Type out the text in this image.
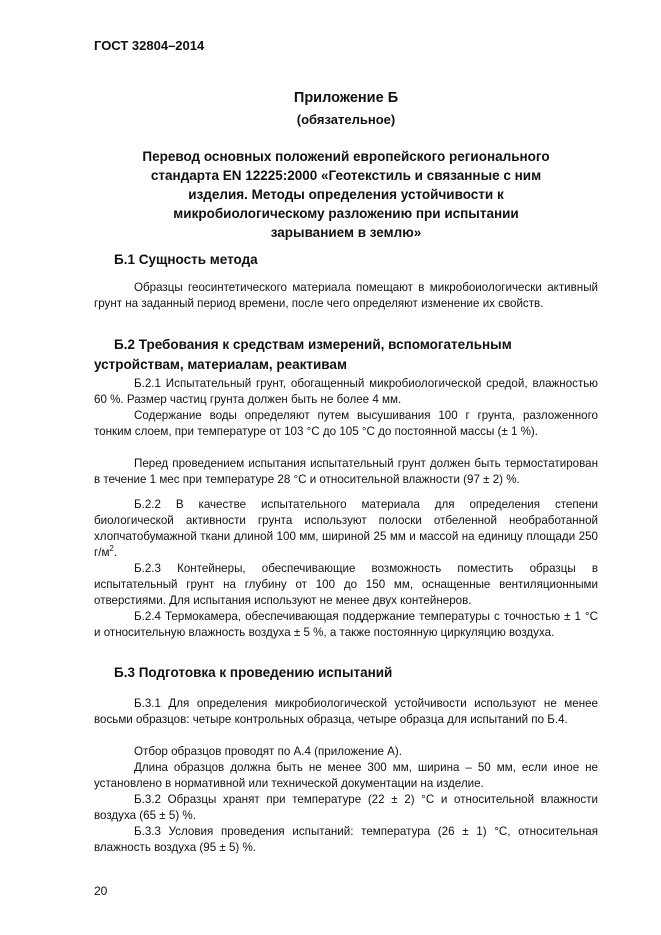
ГОСТ 32804–2014
Приложение Б
(обязательное)
Перевод основных положений европейского регионального
стандарта EN 12225:2000 «Геотекстиль и связанные с ним
изделия. Методы определения устойчивости к
микробиологическому разложению при испытании
зарыванием в землю»
Б.1 Сущность метода
Образцы геосинтетического материала помещают в микробоиологически активный грунт на заданный период времени, после чего определяют изменение их свойств.
Б.2 Требования к средствам измерений, вспомогательным
устройствам, материалам, реактивам
Б.2.1 Испытательный грунт, обогащенный микробиологической средой, влажностью 60 %. Размер частиц грунта должен быть не более 4 мм.
Содержание воды определяют путем высушивания 100 г грунта, разложенного тонким слоем, при температуре от 103 °С до 105 °С до постоянной массы (± 1 %).
Перед проведением испытания испытательный грунт должен быть термостатирован в течение 1 мес при температуре 28 °С и относительной влажности (97 ± 2) %.
Б.2.2 В качестве испытательного материала для определения степени биологической активности грунта используют полоски отбеленной необработанной хлопчатобумажной ткани длиной 100 мм, шириной 25 мм и массой на единицу площади 250 $г/м^2$.
Б.2.3 Контейнеры, обеспечивающие возможность поместить образцы в испытательный грунт на глубину от 100 до 150 мм, оснащенные вентиляционными отверстиями. Для испытания используют не менее двух контейнеров.
Б.2.4 Термокамера, обеспечивающая поддержание температуры с точностью ± 1 °С и относительную влажность воздуха ± 5 %, а также постоянную циркуляцию воздуха.
Б.3 Подготовка к проведению испытаний
Б.3.1 Для определения микробиологической устойчивости используют не менее восьми образцов: четыре контрольных образца, четыре образца для испытаний по Б.4.
Отбор образцов проводят по А.4 (приложение А).
Длина образцов должна быть не менее 300 мм, ширина – 50 мм, если иное не установлено в нормативной или технической документации на изделие.
Б.3.2 Образцы хранят при температуре (22 ± 2) °С и относительной влажности воздуха (65 ± 5) %.
Б.3.3 Условия проведения испытаний: температура (26 ± 1) °С, относительная влажность воздуха (95 ± 5) %.
20
